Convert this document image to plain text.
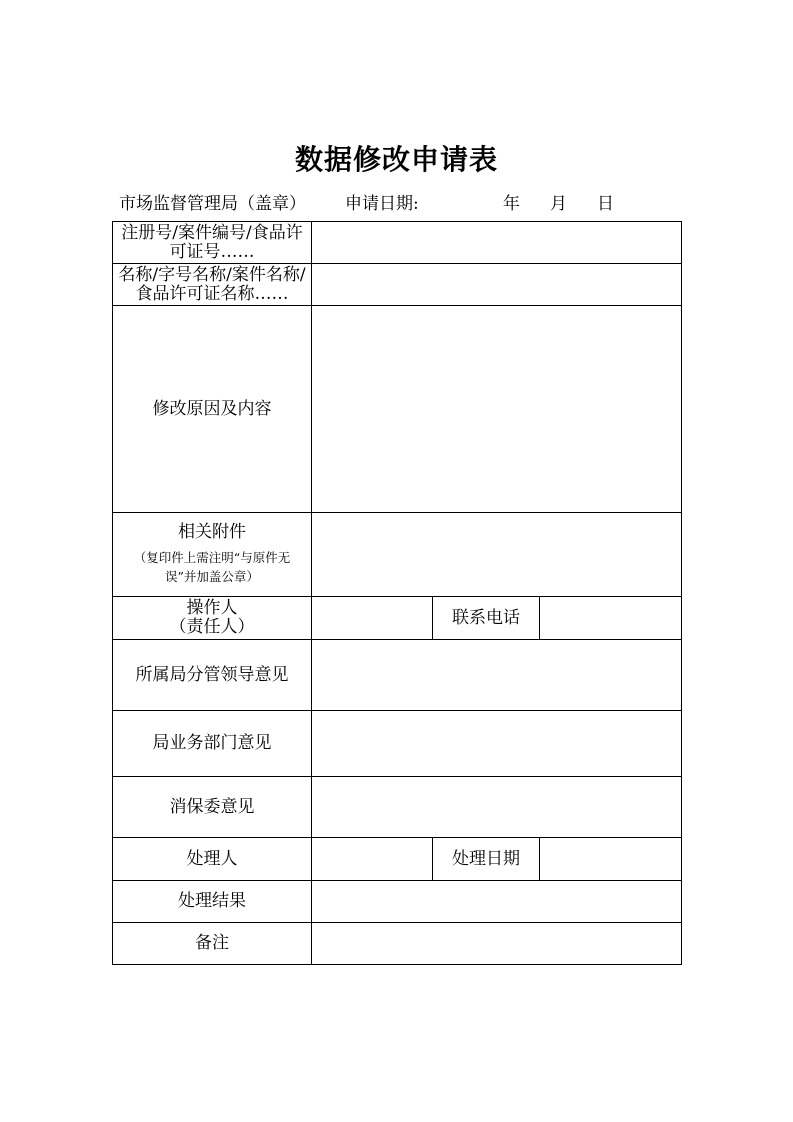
数据修改申请表
市场监督管理局（盖章） 申请日期:	年 月 日
注册号/案件编号/食品许可证号……			
名称/字号名称/案件名称/食品许可证名称……			
修改原因及内容			

相关附件
（复印件上需注明“与原件无误”并加盖公章）			

操作人
（责任人）		联系电话	
所属局分管领导意见			
局业务部门意见			
消保委意见			
处理人		处理日期	
处理结果			
备注			
